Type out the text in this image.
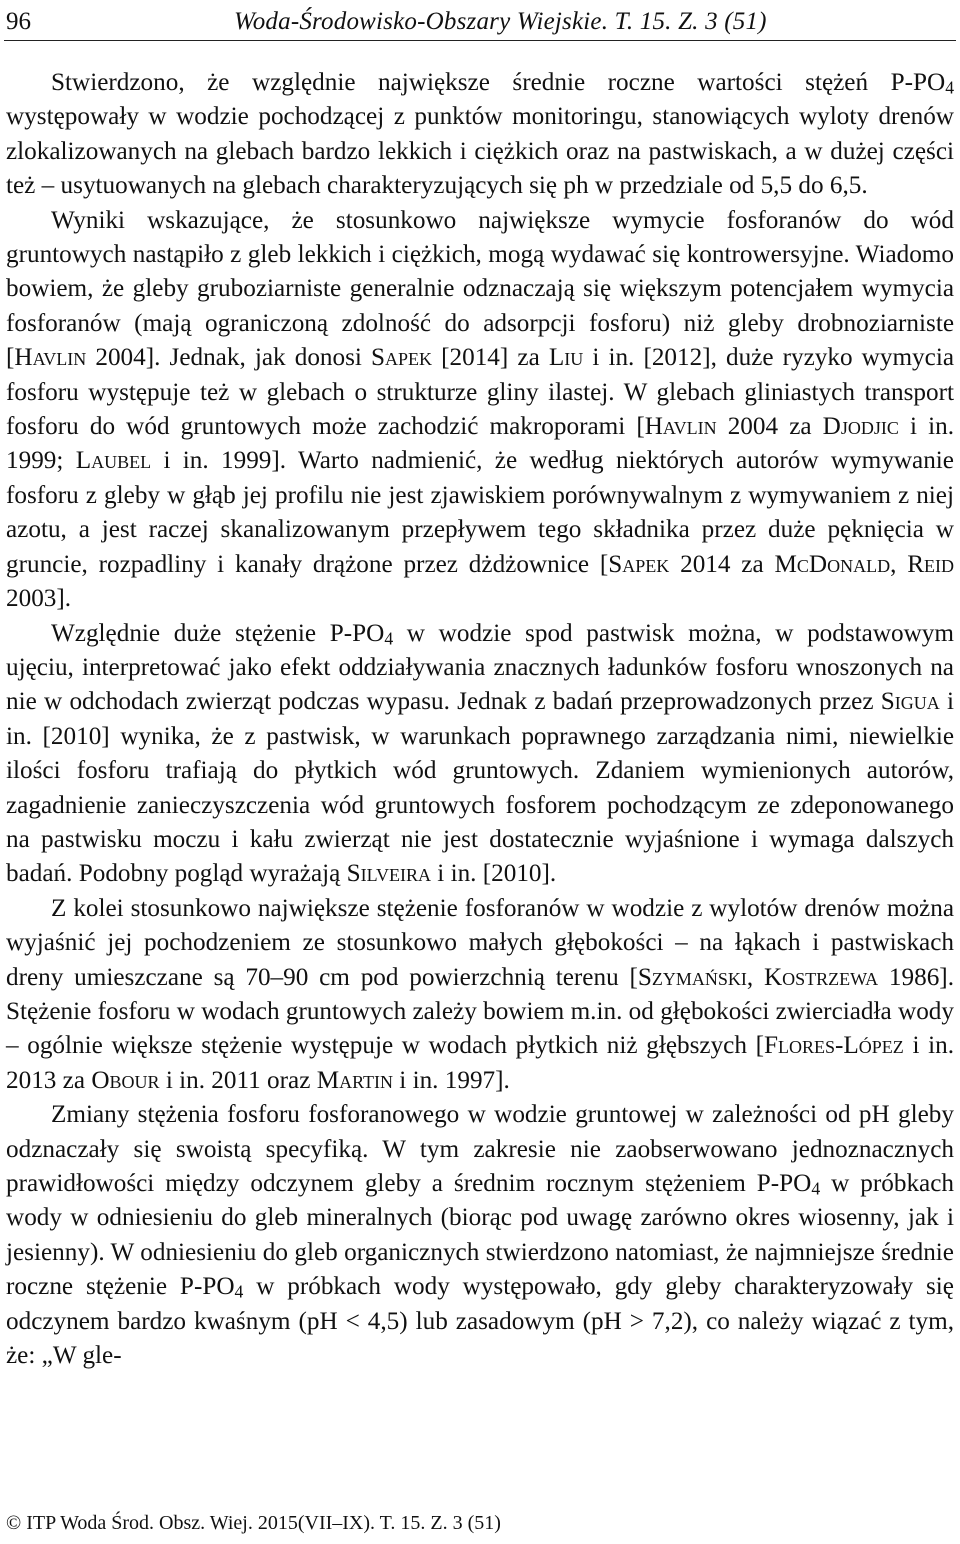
96	Woda-Środowisko-Obszary Wiejskie. T. 15. Z. 3 (51)

Stwierdzono, że względnie największe średnie roczne wartości stężeń $P-PO_4$ występowały w wodzie pochodzącej z punktów monitoringu, stanowiących wyloty drenów zlokalizowanych na glebach bardzo lekkich i ciężkich oraz na pastwiskach, a w dużej części też – usytuowanych na glebach charakteryzujących się ph w przedziale od 5,5 do 6,5.

Wyniki wskazujące, że stosunkowo największe wymycie fosforanów do wód gruntowych nastąpiło z gleb lekkich i ciężkich, mogą wydawać się kontrowersyjne. Wiadomo bowiem, że gleby gruboziarniste generalnie odznaczają się większym potencjałem wymycia fosforanów (mają ograniczoną zdolność do adsorpcji fosforu) niż gleby drobnoziarniste [Havlin 2004]. Jednak, jak donosi Sapek [2014] za Liu i in. [2012], duże ryzyko wymycia fosforu występuje też w glebach o strukturze gliny ilastej. W glebach gliniastych transport fosforu do wód gruntowych może zachodzić makroporami [Havlin 2004 za Djodjic i in. 1999; Laubel i in. 1999]. Warto nadmienić, że według niektórych autorów wymywanie fosforu z gleby w głąb jej profilu nie jest zjawiskiem porównywalnym z wymywaniem z niej azotu, a jest raczej skanalizowanym przepływem tego składnika przez duże pęknięcia w gruncie, rozpadliny i kanały drążone przez dżdżownice [Sapek 2014 za McDonald, Reid 2003].

Względnie duże stężenie $P-PO_4$ w wodzie spod pastwisk można, w podstawowym ujęciu, interpretować jako efekt oddziaływania znacznych ładunków fosforu wnoszonych na nie w odchodach zwierząt podczas wypasu. Jednak z badań przeprowadzonych przez Sigua i in. [2010] wynika, że z pastwisk, w warunkach poprawnego zarządzania nimi, niewielkie ilości fosforu trafiają do płytkich wód gruntowych. Zdaniem wymienionych autorów, zagadnienie zanieczyszczenia wód gruntowych fosforem pochodzącym ze zdeponowanego na pastwisku moczu i kału zwierząt nie jest dostatecznie wyjaśnione i wymaga dalszych badań. Podobny pogląd wyrażają Silveira i in. [2010].

Z kolei stosunkowo największe stężenie fosforanów w wodzie z wylotów drenów można wyjaśnić jej pochodzeniem ze stosunkowo małych głębokości – na łąkach i pastwiskach dreny umieszczane są 70–90 cm pod powierzchnią terenu [Szymański, Kostrzewa 1986]. Stężenie fosforu w wodach gruntowych zależy bowiem m.in. od głębokości zwierciadła wody – ogólnie większe stężenie występuje w wodach płytkich niż głębszych [Flores-López i in. 2013 za Obour i in. 2011 oraz Martin i in. 1997].

Zmiany stężenia fosforu fosforanowego w wodzie gruntowej w zależności od pH gleby odznaczały się swoistą specyfiką. W tym zakresie nie zaobserwowano jednoznacznych prawidłowości między odczynem gleby a średnim rocznym stężeniem $P-PO_4$ w próbkach wody w odniesieniu do gleb mineralnych (biorąc pod uwagę zarówno okres wiosenny, jak i jesienny). W odniesieniu do gleb organicznych stwierdzono natomiast, że najmniejsze średnie roczne stężenie $P-PO_4$ w próbkach wody występowało, gdy gleby charakteryzowały się odczynem bardzo kwaśnym (pH < 4,5) lub zasadowym (pH > 7,2), co należy wiązać z tym, że: „W gle-

© ITP Woda Środ. Obsz. Wiej. 2015(VII–IX). T. 15. Z. 3 (51)
